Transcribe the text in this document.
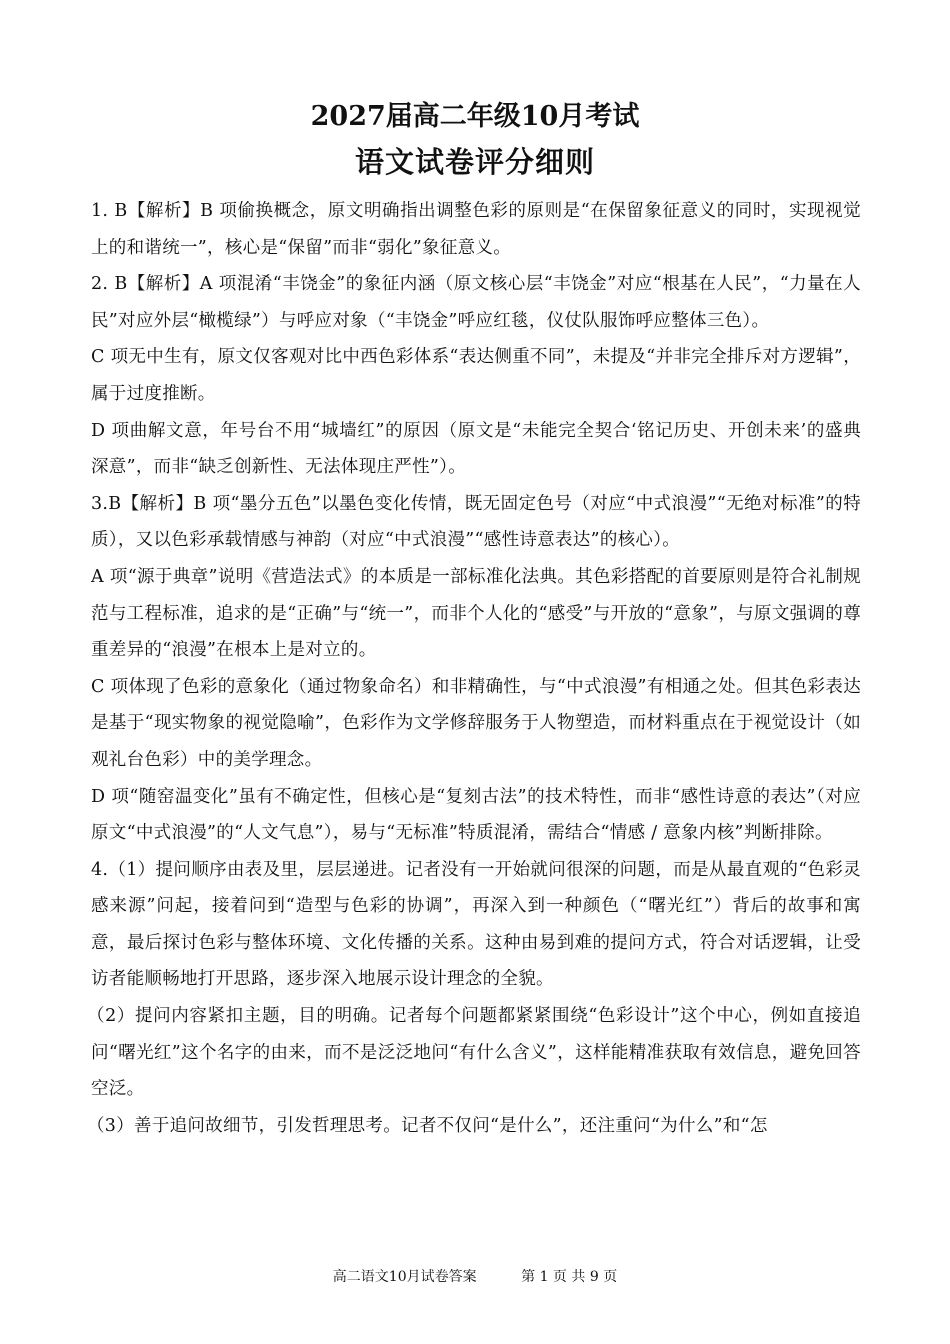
2027届高二年级10月考试
语文试卷评分细则

1. B【解析】B 项偷换概念，原文明确指出调整色彩的原则是“在保留象征意义的同时，实现视觉上的和谐统一”，核心是“保留”而非“弱化”象征意义。

2. B【解析】A 项混淆“丰饶金”的象征内涵（原文核心层“丰饶金”对应“根基在人民”，“力量在人民”对应外层“橄榄绿”）与呼应对象（“丰饶金”呼应红毯，仪仗队服饰呼应整体三色）。

C 项无中生有，原文仅客观对比中西色彩体系“表达侧重不同”，未提及“并非完全排斥对方逻辑”，属于过度推断。

D 项曲解文意，年号台不用“城墙红”的原因（原文是“未能完全契合‘铭记历史、开创未来’的盛典深意”，而非“缺乏创新性、无法体现庄严性”）。

3.B【解析】B 项“墨分五色”以墨色变化传情，既无固定色号（对应“中式浪漫”“无绝对标准”的特质），又以色彩承载情感与神韵（对应“中式浪漫”“感性诗意表达”的核心）。

A 项“源于典章”说明《营造法式》的本质是一部标准化法典。其色彩搭配的首要原则是符合礼制规范与工程标准，追求的是“正确”与“统一”，而非个人化的“感受”与开放的“意象”，与原文强调的尊重差异的“浪漫”在根本上是对立的。

C 项体现了色彩的意象化（通过物象命名）和非精确性，与“中式浪漫”有相通之处。但其色彩表达是基于“现实物象的视觉隐喻”，色彩作为文学修辞服务于人物塑造，而材料重点在于视觉设计（如观礼台色彩）中的美学理念。

D 项“随窑温变化”虽有不确定性，但核心是“复刻古法”的技术特性，而非“感性诗意的表达”（对应原文“中式浪漫”的“人文气息”），易与“无标准”特质混淆，需结合“情感 / 意象内核”判断排除。

4.（1）提问顺序由表及里，层层递进。记者没有一开始就问很深的问题，而是从最直观的“色彩灵感来源”问起，接着问到“造型与色彩的协调”，再深入到一种颜色（“曙光红”）背后的故事和寓意，最后探讨色彩与整体环境、文化传播的关系。这种由易到难的提问方式，符合对话逻辑，让受访者能顺畅地打开思路，逐步深入地展示设计理念的全貌。

（2）提问内容紧扣主题，目的明确。记者每个问题都紧紧围绕“色彩设计”这个中心，例如直接追问“曙光红”这个名字的由来，而不是泛泛地问“有什么含义”，这样能精准获取有效信息，避免回答空泛。

（3）善于追问故细节，引发哲理思考。记者不仅问“是什么”，还注重问“为什么”和“怎

高二语文10月试卷答案	第 1 页 共 9 页
